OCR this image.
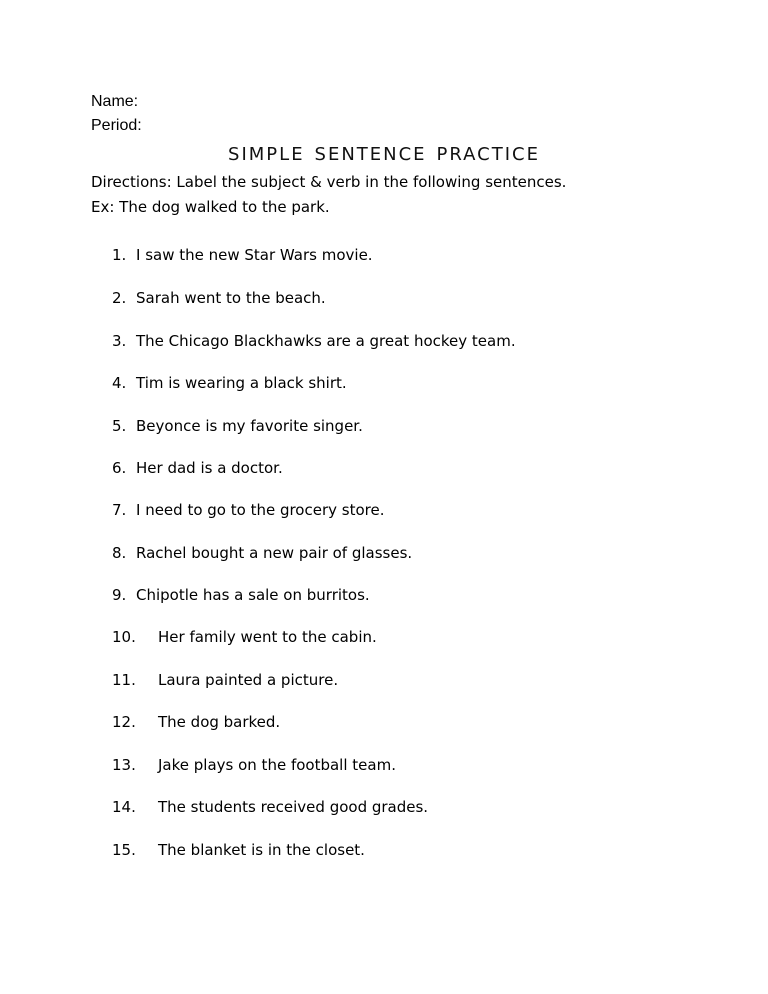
Name:
Period:
simple sentence practice
Directions: Label the subject & verb in the following sentences.
Ex: The dog walked to the park.
1. I saw the new Star Wars movie.
2. Sarah went to the beach.
3. The Chicago Blackhawks are a great hockey team.
4. Tim is wearing a black shirt.
5. Beyonce is my favorite singer.
6. Her dad is a doctor.
7. I need to go to the grocery store.
8. Rachel bought a new pair of glasses.
9. Chipotle has a sale on burritos.
10. Her family went to the cabin.
11. Laura painted a picture.
12. The dog barked.
13. Jake plays on the football team.
14. The students received good grades.
15. The blanket is in the closet.
